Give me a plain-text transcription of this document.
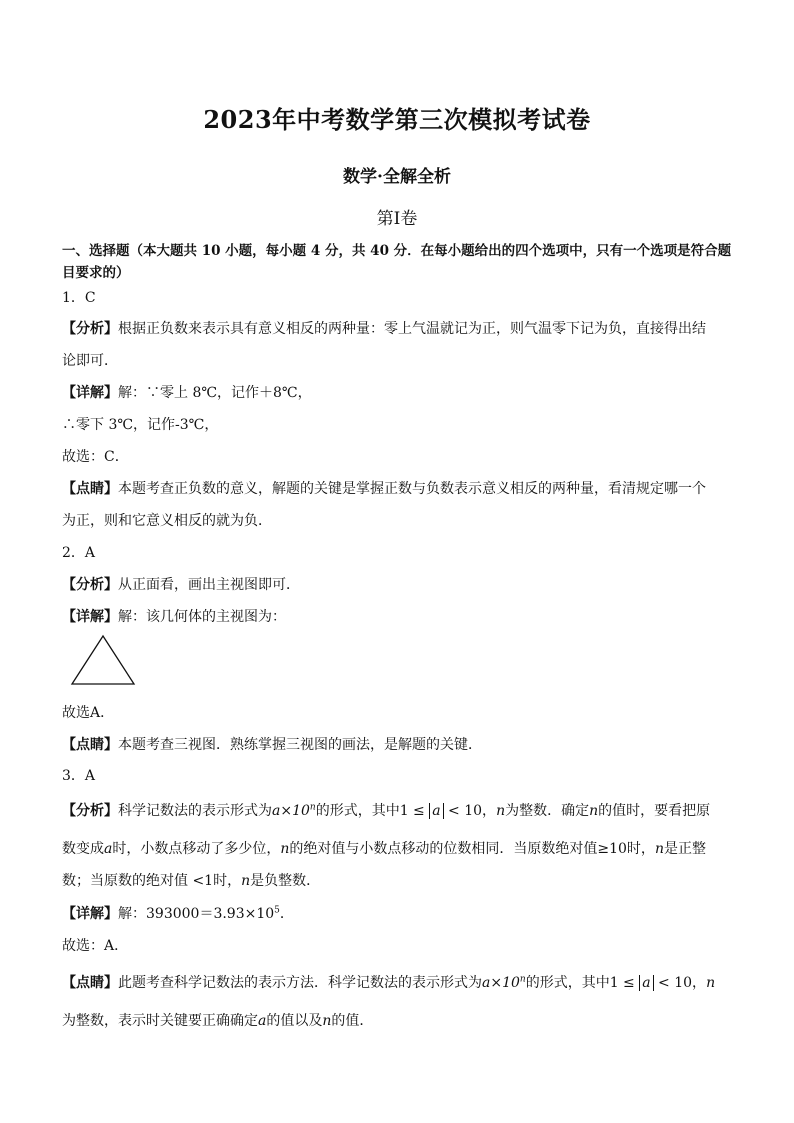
2023年中考数学第三次模拟考试卷
数学·全解全析
第Ⅰ卷
一、选择题（本大题共 10 小题，每小题 4 分，共 40 分．在每小题给出的四个选项中，只有一个选项是符合题目要求的）
1．C
【分析】根据正负数来表示具有意义相反的两种量：零上气温就记为正，则气温零下记为负，直接得出结
论即可．
【详解】解：∵零上 8℃，记作＋8℃，
∴零下 3℃，记作-3℃，
故选：C．
【点睛】本题考查正负数的意义，解题的关键是掌握正数与负数表示意义相反的两种量，看清规定哪一个
为正，则和它意义相反的就为负．
2．A
【分析】从正面看，画出主视图即可．
【详解】解：该几何体的主视图为：
故选A．
【点睛】本题考查三视图．熟练掌握三视图的画法，是解题的关键．
3．A
【分析】科学记数法的表示形式为$a\times 10^n$的形式，其中1 ≤ a < 10，n为整数．确定n的值时，要看把原
数变成a时，小数点移动了多少位，n的绝对值与小数点移动的位数相同．当原数绝对值≥10时，n是正整
数；当原数的绝对值 <1时，n是负整数．
【详解】解：$393000=3.93\times 10^5$．
故选：A．
【点睛】此题考查科学记数法的表示方法．科学记数法的表示形式为$a\times 10^n$的形式，其中1 ≤ a < 10，n
为整数，表示时关键要正确确定a的值以及n的值．
